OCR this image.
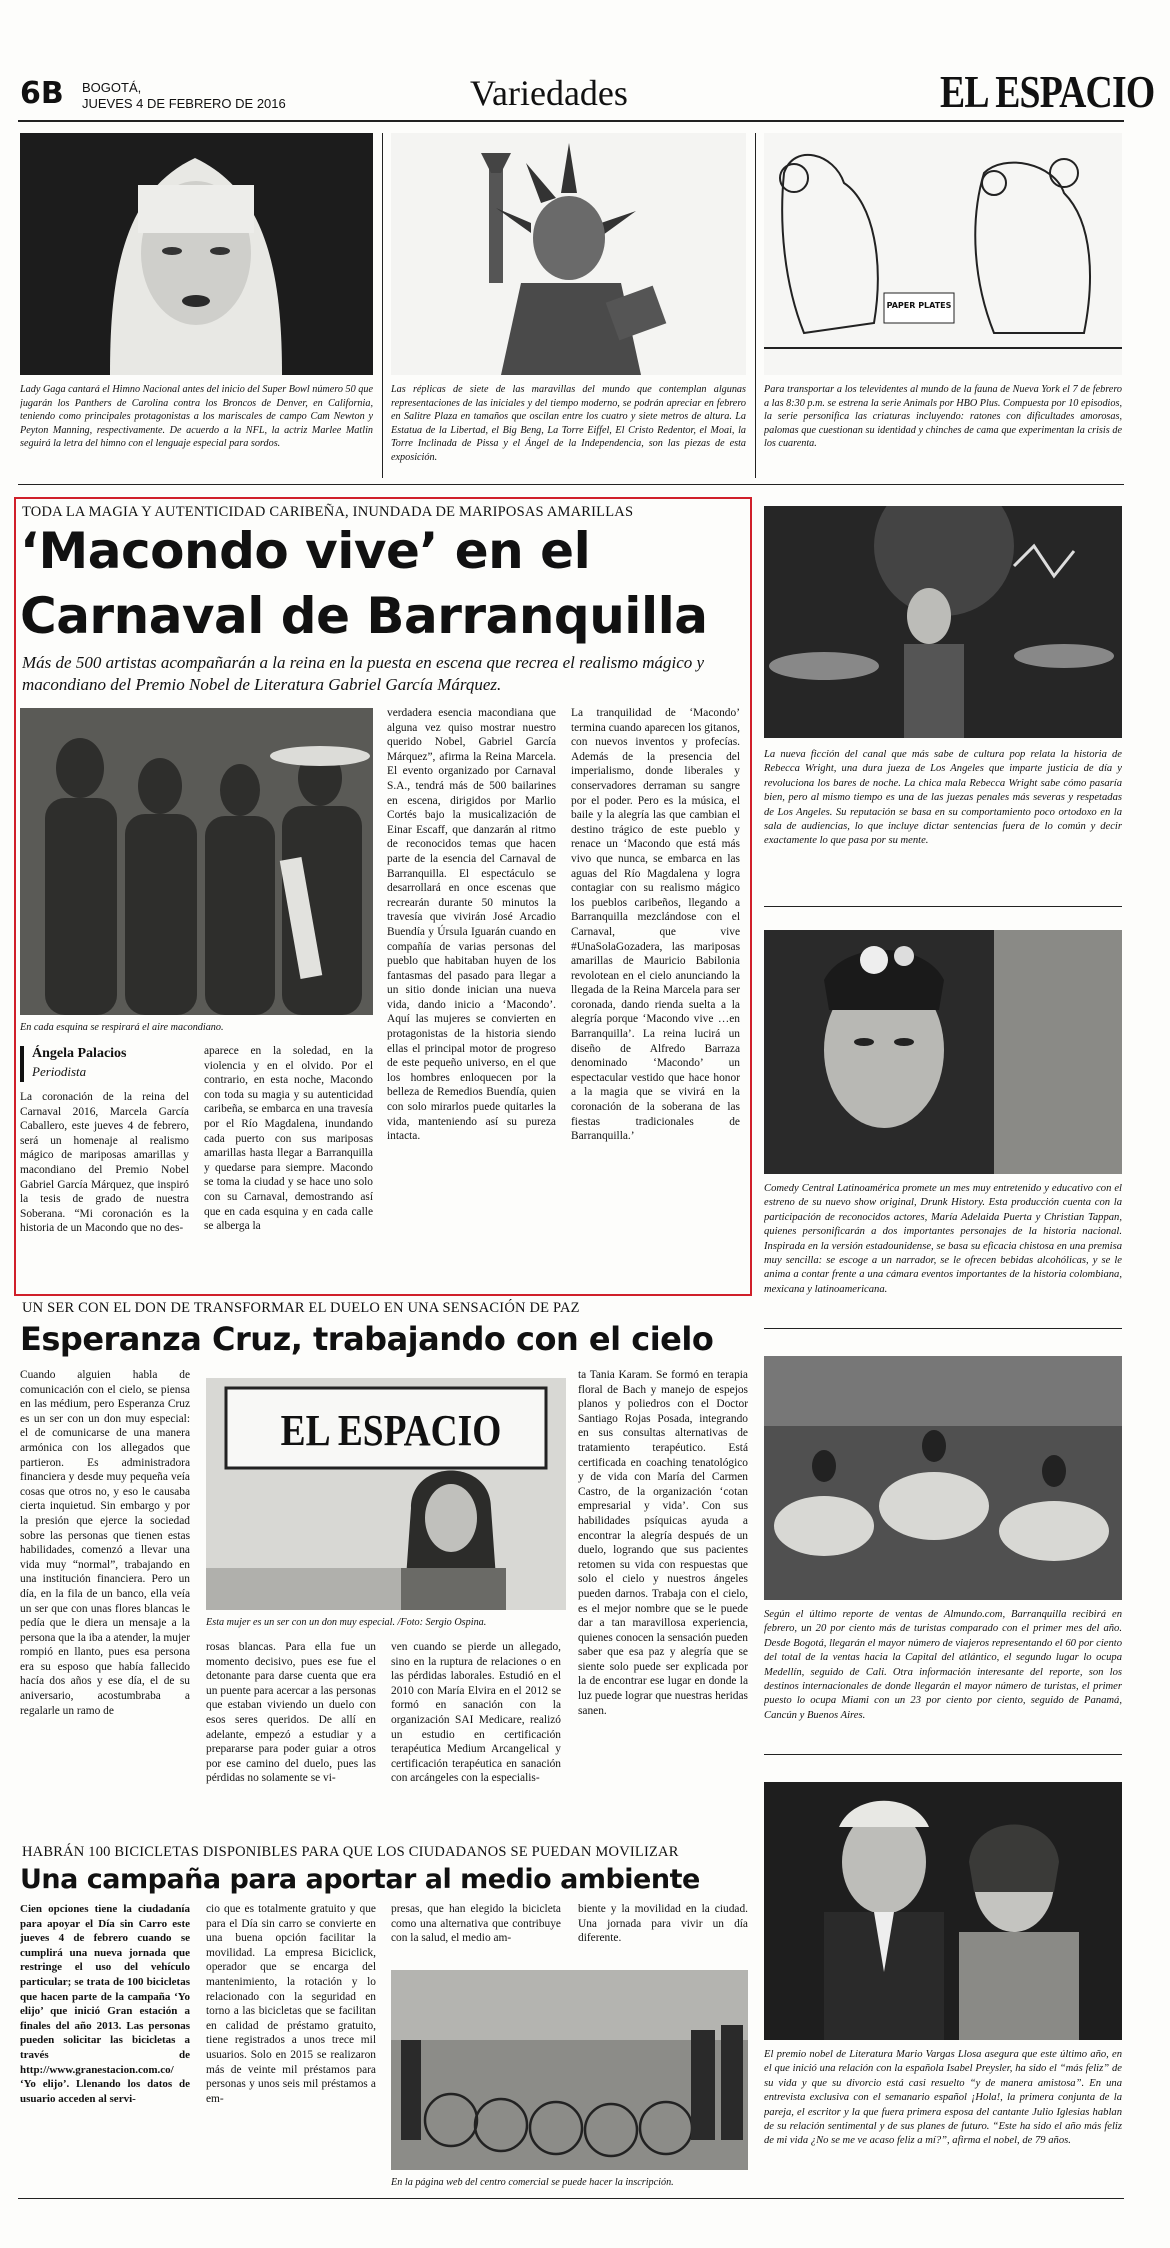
6B BOGOTÁ,
JUEVES 4 DE FEBRERO DE 2016	Variedades	EL ESPACIO
PAPER PLATES
Lady Gaga cantará el Himno Nacional antes del inicio del Super Bowl número 50 que jugarán los Panthers de Carolina contra los Broncos de Denver, en California, teniendo como principales protagonistas a los mariscales de campo Cam Newton y Peyton Manning, respectivamente. De acuerdo a la NFL, la actriz Marlee Matlin seguirá la letra del himno con el lenguaje especial para sordos.
Las réplicas de siete de las maravillas del mundo que contemplan algunas representaciones de las iniciales y del tiempo moderno, se podrán apreciar en febrero en Salitre Plaza en tamaños que oscilan entre los cuatro y siete metros de altura. La Estatua de la Libertad, el Big Beng, La Torre Eiffel, El Cristo Redentor, el Moai, la Torre Inclinada de Pissa y el Ángel de la Independencia, son las piezas de esta exposición.
Para transportar a los televidentes al mundo de la fauna de Nueva York el 7 de febrero a las 8:30 p.m. se estrena la serie Animals por HBO Plus. Compuesta por 10 episodios, la serie personifica las criaturas incluyendo: ratones con dificultades amorosas, palomas que cuestionan su identidad y chinches de cama que experimentan la crisis de los cuarenta.
TODA LA MAGIA Y AUTENTICIDAD CARIBEÑA, INUNDADA DE MARIPOSAS AMARILLAS
‘Macondo vive’ en el
Carnaval de Barranquilla
Más de 500 artistas acompañarán a la reina en la puesta en escena que recrea el realismo mágico y macondiano del Premio Nobel de Literatura Gabriel García Márquez.
En cada esquina se respirará el aire macondiano.
Ángela Palacios
Periodista
La coronación de la reina del Carnaval 2016, Marcela García Caballero, este jueves 4 de febrero, será un homenaje al realismo mágico de mariposas amarillas y macondiano del Premio Nobel Gabriel García Márquez, que inspiró la tesis de grado de nuestra Soberana. “Mi coronación es la historia de un Macondo que no des-
aparece en la soledad, en la violencia y en el olvido. Por el contrario, en esta noche, Macondo con toda su magia y su autenticidad caribeña, se embarca en una travesía por el Río Magdalena, inundando cada puerto con sus mariposas amarillas hasta llegar a Barranquilla y quedarse para siempre. Macondo se toma la ciudad y se hace uno solo con su Carnaval, demostrando así que en cada esquina y en cada calle se alberga la
verdadera esencia macondiana que alguna vez quiso mostrar nuestro querido Nobel, Gabriel García Márquez”, afirma la Reina Marcela. El evento organizado por Carnaval S.A., tendrá más de 500 bailarines en escena, dirigidos por Marlio Cortés bajo la musicalización de Einar Escaff, que danzarán al ritmo de reconocidos temas que hacen parte de la esencia del Carnaval de Barranquilla. El espectáculo se desarrollará en once escenas que recrearán durante 50 minutos la travesía que vivirán José Arcadio Buendía y Úrsula Iguarán cuando en compañía de varias personas del pueblo que habitaban huyen de los fantasmas del pasado para llegar a un sitio donde inician una nueva vida, dando inicio a ‘Macondo’. Aquí las mujeres se convierten en protagonistas de la historia siendo ellas el principal motor de progreso de este pequeño universo, en el que los hombres enloquecen por la belleza de Remedios Buendía, quien con solo mirarlos puede quitarles la vida, manteniendo así su pureza intacta.
La tranquilidad de ‘Macondo’ termina cuando aparecen los gitanos, con nuevos inventos y profecías. Además de la presencia del imperialismo, donde liberales y conservadores derraman su sangre por el poder. Pero es la música, el baile y la alegría las que cambian el destino trágico de este pueblo y renace un ‘Macondo que está más vivo que nunca, se embarca en las aguas del Río Magdalena y logra contagiar con su realismo mágico los pueblos caribeños, llegando a Barranquilla mezclándose con el Carnaval, que vive #UnaSolaGozadera, las mariposas amarillas de Mauricio Babilonia revolotean en el cielo anunciando la llegada de la Reina Marcela para ser coronada, dando rienda suelta a la alegría porque ‘Macondo vive …en Barranquilla’. La reina lucirá un diseño de Alfredo Barraza denominado ‘Macondo’ un espectacular vestido que hace honor a la magia que se vivirá en la coronación de la soberana de las fiestas tradicionales de Barranquilla.’
La nueva ficción del canal que más sabe de cultura pop relata la historia de Rebecca Wright, una dura jueza de Los Angeles que imparte justicia de día y revoluciona los bares de noche. La chica mala Rebecca Wright sabe cómo pasaría bien, pero al mismo tiempo es una de las juezas penales más severas y respetadas de Los Angeles. Su reputación se basa en su comportamiento poco ortodoxo en la sala de audiencias, lo que incluye dictar sentencias fuera de lo común y decir exactamente lo que pasa por su mente.
Comedy Central Latinoamérica promete un mes muy entretenido y educativo con el estreno de su nuevo show original, Drunk History. Esta producción cuenta con la participación de reconocidos actores, María Adelaida Puerta y Christian Tappan, quienes personificarán a dos importantes personajes de la historia nacional. Inspirada en la versión estadounidense, se basa su eficacia chistosa en una premisa muy sencilla: se escoge a un narrador, se le ofrecen bebidas alcohólicas, y se le anima a contar frente a una cámara eventos importantes de la historia colombiana, mexicana y latinoamericana.
Según el último reporte de ventas de Almundo.com, Barranquilla recibirá en febrero, un 20 por ciento más de turistas comparado con el primer mes del año. Desde Bogotá, llegarán el mayor número de viajeros representando el 60 por ciento del total de la ventas hacia la Capital del atlántico, el segundo lugar lo ocupa Medellín, seguido de Cali. Otra información interesante del reporte, son los destinos internacionales de donde llegarán el mayor número de turistas, el primer puesto lo ocupa Miami con un 23 por ciento por ciento, seguido de Panamá, Cancún y Buenos Aires.
El premio nobel de Literatura Mario Vargas Llosa asegura que este último año, en el que inició una relación con la española Isabel Preysler, ha sido el “más feliz” de su vida y que su divorcio está casi resuelto “y de manera amistosa”. En una entrevista exclusiva con el semanario español ¡Hola!, la primera conjunta de la pareja, el escritor y la que fuera primera esposa del cantante Julio Iglesias hablan de su relación sentimental y de sus planes de futuro. “Este ha sido el año más feliz de mi vida ¿No se me ve acaso feliz a mí?”, afirma el nobel, de 79 años.
UN SER CON EL DON DE TRANSFORMAR EL DUELO EN UNA SENSACIÓN DE PAZ
Esperanza Cruz, trabajando con el cielo
Cuando alguien habla de comunicación con el cielo, se piensa en las médium, pero Esperanza Cruz es un ser con un don muy especial: el de comunicarse de una manera armónica con los allegados que partieron. Es administradora financiera y desde muy pequeña veía cosas que otros no, y eso le causaba cierta inquietud. Sin embargo y por la presión que ejerce la sociedad sobre las personas que tienen estas habilidades, comenzó a llevar una vida muy “normal”, trabajando en una institución financiera. Pero un día, en la fila de un banco, ella veía un ser que con unas flores blancas le pedía que le diera un mensaje a la persona que la iba a atender, la mujer rompió en llanto, pues esa persona era su esposo que había fallecido hacía dos años y ese día, el de su aniversario, acostumbraba a regalarle un ramo de
EL ESPACIO
Esta mujer es un ser con un don muy especial. /Foto: Sergio Ospina.
rosas blancas. Para ella fue un momento decisivo, pues ese fue el detonante para darse cuenta que era un puente para acercar a las personas que estaban viviendo un duelo con esos seres queridos. De allí en adelante, empezó a estudiar y a prepararse para poder guiar a otros por ese camino del duelo, pues las pérdidas no solamente se vi-
ven cuando se pierde un allegado, sino en la ruptura de relaciones o en las pérdidas laborales. Estudió en el 2010 con María Elvira en el 2012 se formó en sanación con la organización SAI Medicare, realizó un estudio en certificación terapéutica Medium Arcangelical y certificación terapéutica en sanación con arcángeles con la especialis-
ta Tania Karam. Se formó en terapia floral de Bach y manejo de espejos planos y poliedros con el Doctor Santiago Rojas Posada, integrando en sus consultas alternativas de tratamiento terapéutico. Está certificada en coaching tenatológico y de vida con María del Carmen Castro, de la organización ‘cotan empresarial y vida’. Con sus habilidades psíquicas ayuda a encontrar la alegría después de un duelo, logrando que sus pacientes retomen su vida con respuestas que solo el cielo y nuestros ángeles pueden darnos. Trabaja con el cielo, es el mejor nombre que se le puede dar a tan maravillosa experiencia, quienes conocen la sensación pueden saber que esa paz y alegría que se siente solo puede ser explicada por la de encontrar ese lugar en donde la luz puede lograr que nuestras heridas sanen.
HABRÁN 100 BICICLETAS DISPONIBLES PARA QUE LOS CIUDADANOS SE PUEDAN MOVILIZAR
Una campaña para aportar al medio ambiente
Cien opciones tiene la ciudadanía para apoyar el Día sin Carro este jueves 4 de febrero cuando se cumplirá una nueva jornada que restringe el uso del vehículo particular; se trata de 100 bicicletas que hacen parte de la campaña ‘Yo elijo’ que inició Gran estación a finales del año 2013. Las personas pueden solicitar las bicicletas a través de http://www.granestacion.com.co/ ‘Yo elijo’. Llenando los datos de usuario acceden al servi-
cio que es totalmente gratuito y que para el Día sin carro se convierte en una buena opción facilitar la movilidad. La empresa Biciclick, operador que se encarga del mantenimiento, la rotación y lo relacionado con la seguridad en torno a las bicicletas que se facilitan en calidad de préstamo gratuito, tiene registrados a unos trece mil usuarios. Solo en 2015 se realizaron más de veinte mil préstamos para personas y unos seis mil préstamos a em-
presas, que han elegido la bicicleta como una alternativa que contribuye con la salud, el medio am-
biente y la movilidad en la ciudad. Una jornada para vivir un día diferente.
En la página web del centro comercial se puede hacer la inscripción.
